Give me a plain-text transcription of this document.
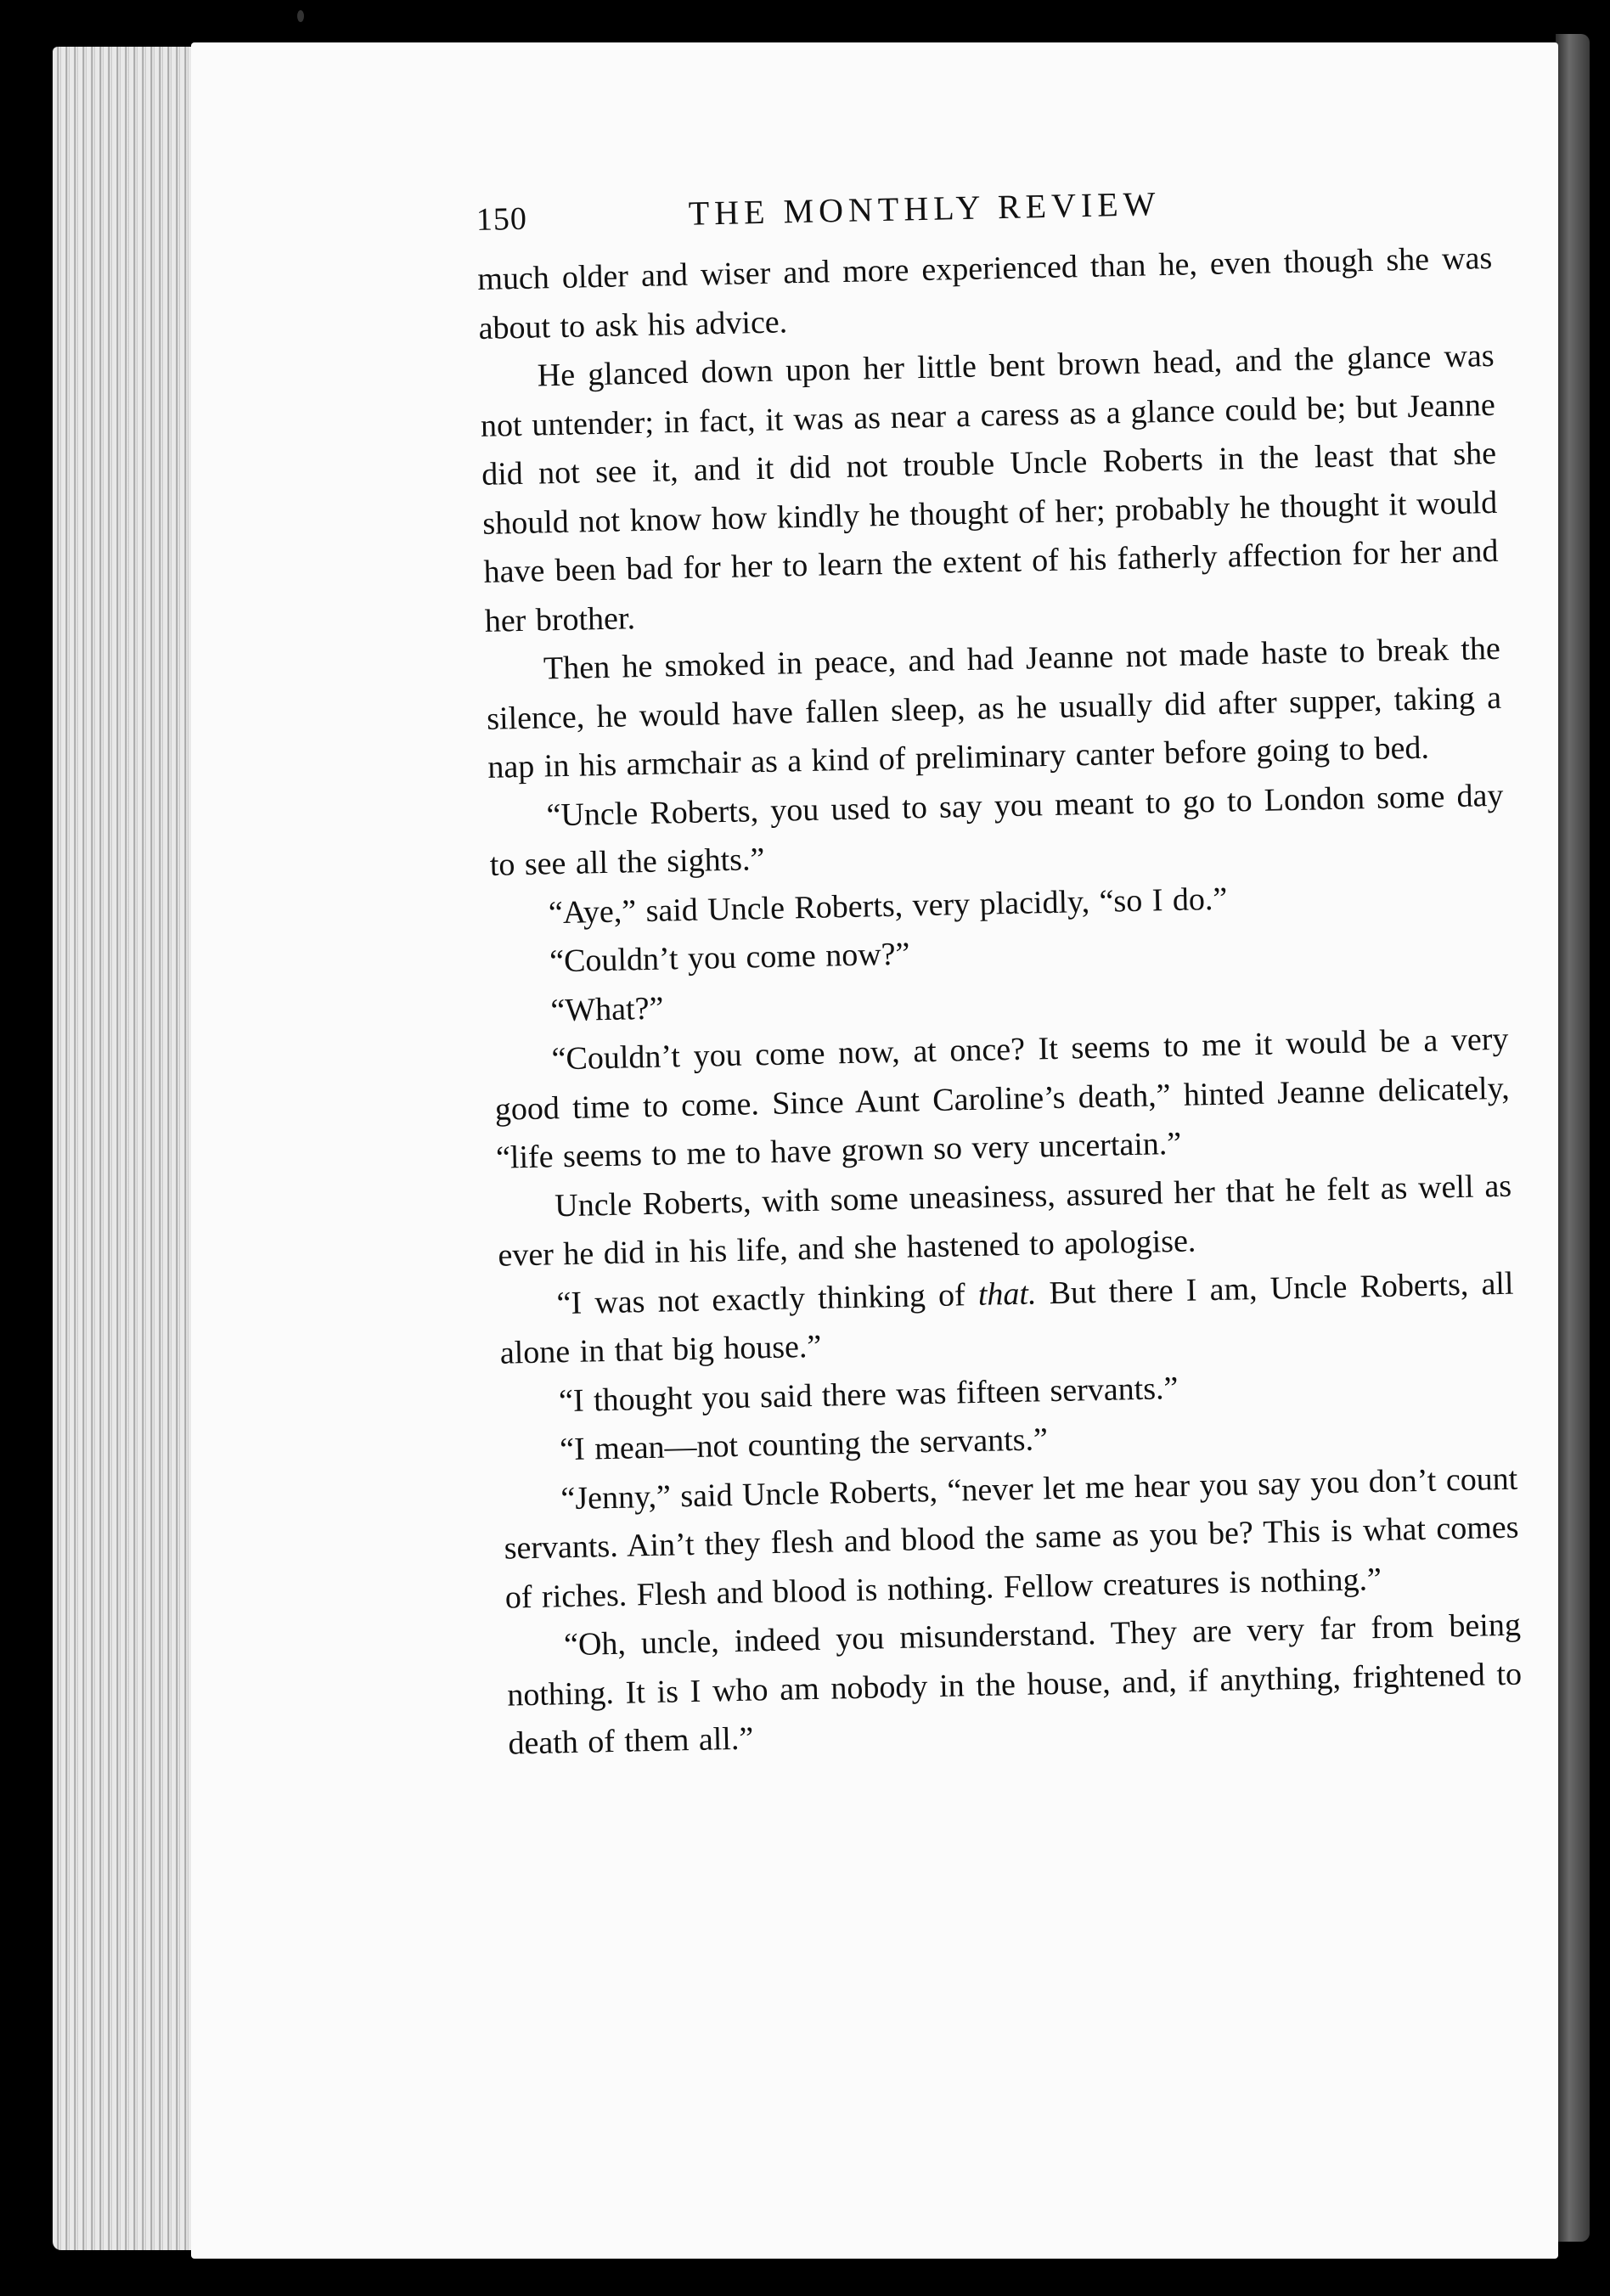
150	THE MONTHLY REVIEW

much older and wiser and more experienced than he, even though she was about to ask his advice.

He glanced down upon her little bent brown head, and the glance was not untender; in fact, it was as near a caress as a glance could be; but Jeanne did not see it, and it did not trouble Uncle Roberts in the least that she should not know how kindly he thought of her; probably he thought it would have been bad for her to learn the extent of his fatherly affection for her and her brother.

Then he smoked in peace, and had Jeanne not made haste to break the silence, he would have fallen sleep, as he usually did after supper, taking a nap in his armchair as a kind of preliminary canter before going to bed.

“Uncle Roberts, you used to say you meant to go to London some day to see all the sights.”

“Aye,” said Uncle Roberts, very placidly, “so I do.”

“Couldn’t you come now?”

“What?”

“Couldn’t you come now, at once? It seems to me it would be a very good time to come. Since Aunt Caroline’s death,” hinted Jeanne delicately, “life seems to me to have grown so very uncertain.”

Uncle Roberts, with some uneasiness, assured her that he felt as well as ever he did in his life, and she hastened to apologise.

“I was not exactly thinking of that. But there I am, Uncle Roberts, all alone in that big house.”

“I thought you said there was fifteen servants.”

“I mean—not counting the servants.”

“Jenny,” said Uncle Roberts, “never let me hear you say you don’t count servants. Ain’t they flesh and blood the same as you be? This is what comes of riches. Flesh and blood is nothing. Fellow creatures is nothing.”

“Oh, uncle, indeed you misunderstand. They are very far from being nothing. It is I who am nobody in the house, and, if anything, frightened to death of them all.”
